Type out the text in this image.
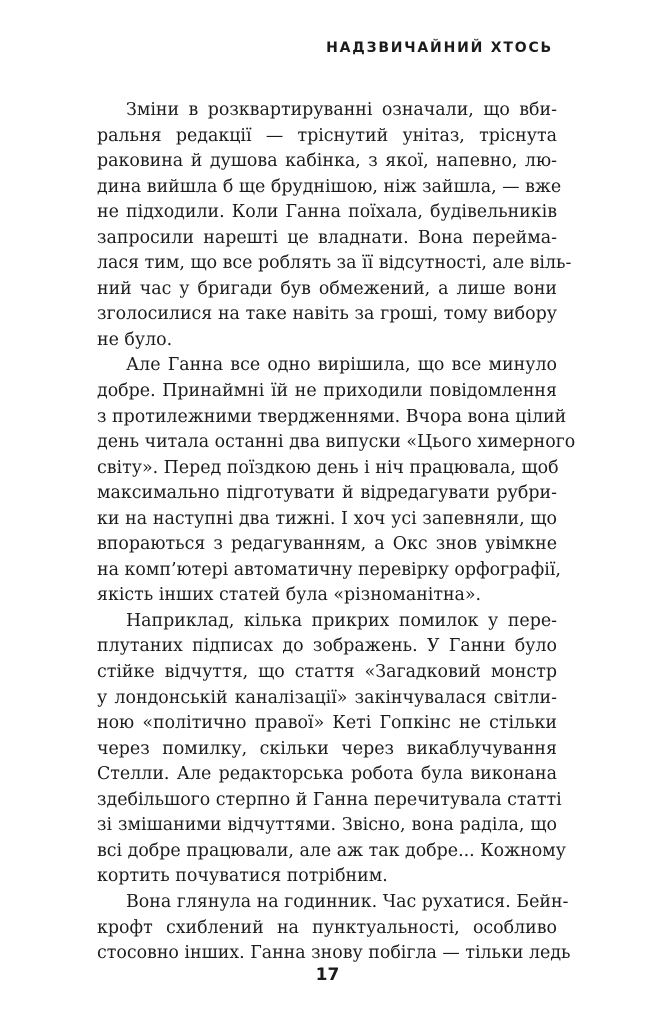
НАДЗВИЧАЙНИЙ ХТОСЬ

Зміни в розквартируванні означали, що вби-
ральня редакції — тріснутий унітаз, тріснута
раковина й душова кабінка, з якої, напевно, лю-
дина вийшла б ще бруднішою, ніж зайшла, — вже
не підходили. Коли Ганна поїхала, будівельників
запросили нарешті це владнати. Вона перейма-
лася тим, що все роблять за її відсутності, але віль-
ний час у бригади був обмежений, а лише вони
зголосилися на таке навіть за гроші, тому вибору
не було.

Але Ганна все одно вирішила, що все минуло
добре. Принаймні їй не приходили повідомлення
з протилежними твердженнями. Вчора вона цілий
день читала останні два випуски «Цього химерного
світу». Перед поїздкою день і ніч працювала, щоб
максимально підготувати й відредагувати рубри-
ки на наступні два тижні. І хоч усі запевняли, що
впораються з редагуванням, а Окс знов увімкне
на комп’ютері автоматичну перевірку орфографії,
якість інших статей була «різноманітна».

Наприклад, кілька прикрих помилок у пере-
плутаних підписах до зображень. У Ганни було
стійке відчуття, що стаття «Загадковий монстр
у лондонській каналізації» закінчувалася світли-
ною «політично правої» Кеті Гопкінс не стільки
через помилку, скільки через викаблучування
Стелли. Але редакторська робота була виконана
здебільшого стерпно й Ганна перечитувала статті
зі змішаними відчуттями. Звісно, вона раділа, що
всі добре працювали, але аж так добре... Кожному
кортить почуватися потрібним.

Вона глянула на годинник. Час рухатися. Бейн-
крофт схиблений на пунктуальності, особливо
стосовно інших. Ганна знову побігла — тільки ледь

17
